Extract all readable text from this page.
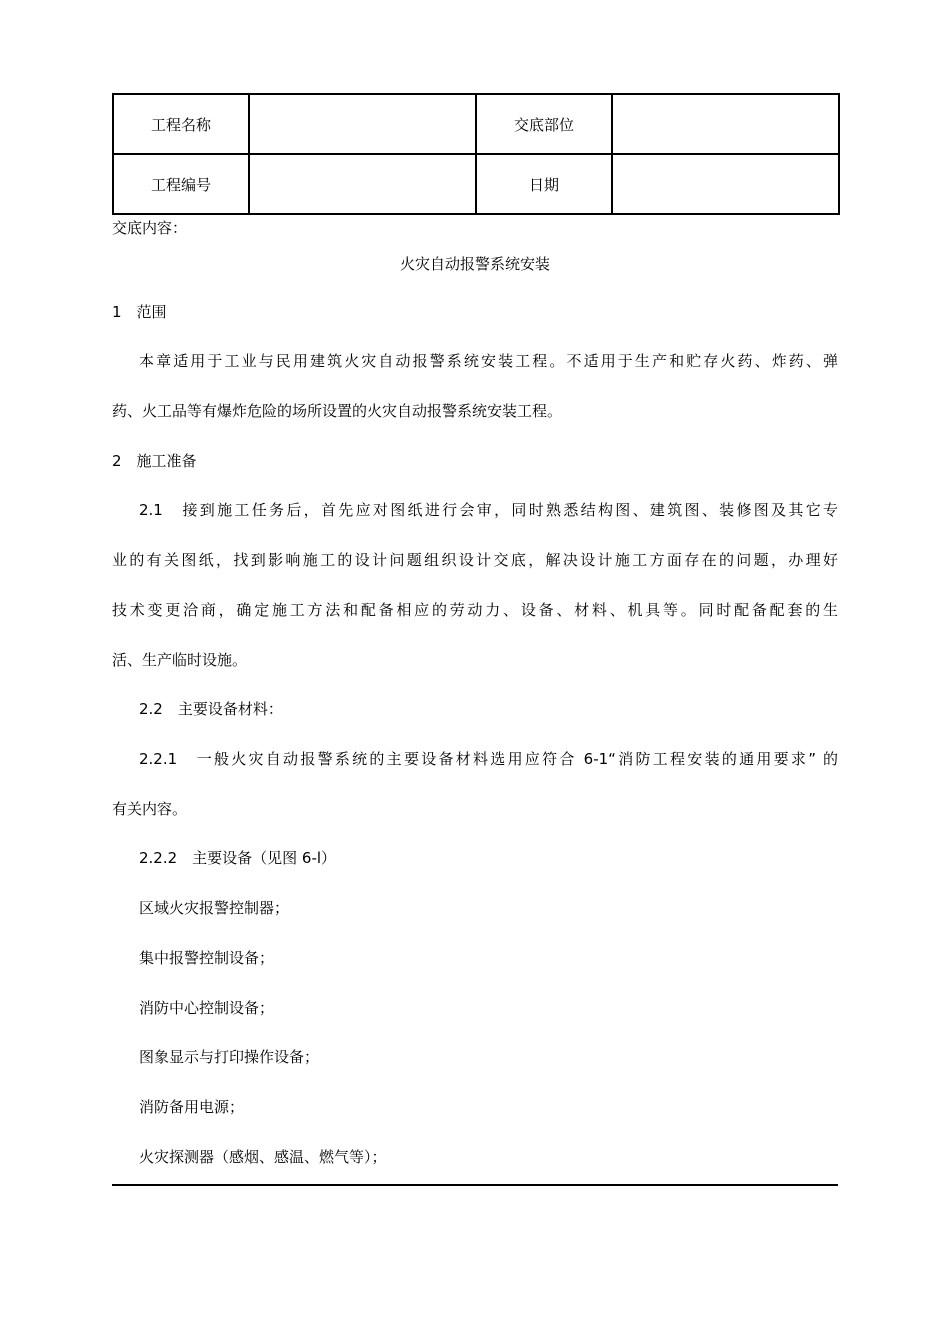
工程名称		交底部位	
工程编号		日期	
交底内容：
火灾自动报警系统安装
1　范围
本章适用于工业与民用建筑火灾自动报警系统安装工程。不适用于生产和贮存火药、炸药、弹
药、火工品等有爆炸危险的场所设置的火灾自动报警系统安装工程。
2　施工准备
2.1　接到施工任务后，首先应对图纸进行会审，同时熟悉结构图、建筑图、装修图及其它专
业的有关图纸，找到影响施工的设计问题组织设计交底，解决设计施工方面存在的问题，办理好
技术变更洽商，确定施工方法和配备相应的劳动力、设备、材料、机具等。同时配备配套的生
活、生产临时设施。
2.2　主要设备材料：
2.2.1　一般火灾自动报警系统的主要设备材料选用应符合 6-1“消防工程安装的通用要求” 的
有关内容。
2.2.2　主要设备（见图 6-l）
区域火灾报警控制器；
集中报警控制设备；
消防中心控制设备；
图象显示与打印操作设备；
消防备用电源；
火灾探测器（感烟、感温、燃气等）；
